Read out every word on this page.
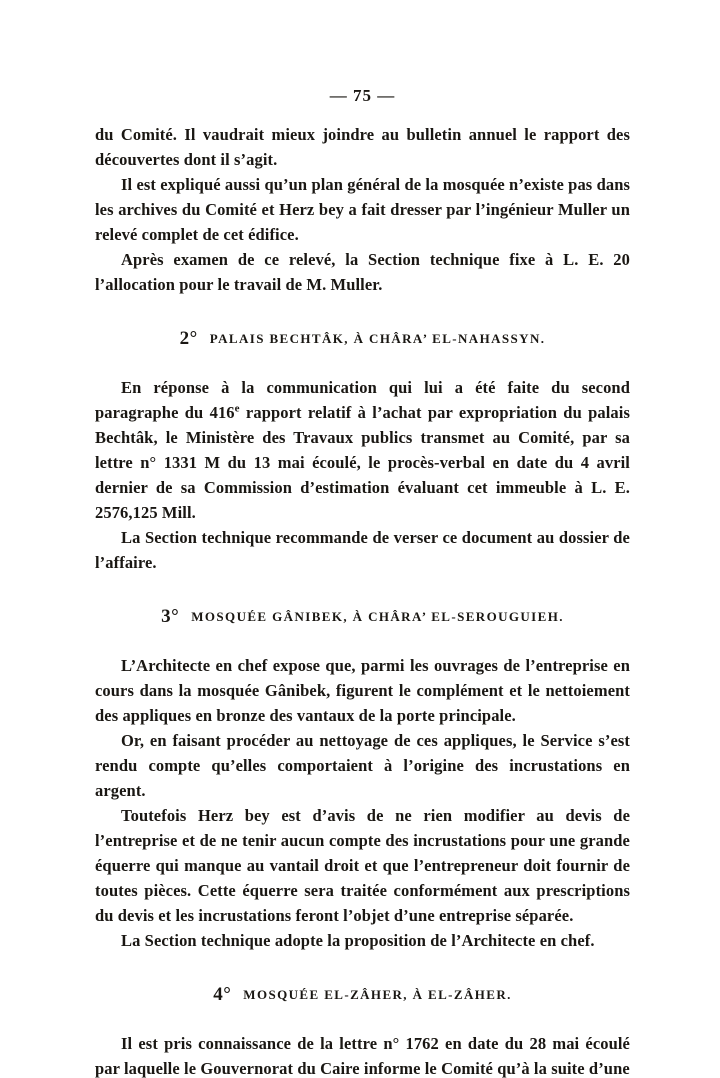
— 75 —

du Comité. Il vaudrait mieux joindre au bulletin annuel le rapport des découvertes dont il s’agit.

Il est expliqué aussi qu’un plan général de la mosquée n’existe pas dans les archives du Comité et Herz bey a fait dresser par l’ingénieur Muller un relevé complet de cet édifice.

Après examen de ce relevé, la Section technique fixe à L. E. 20 l’allocation pour le travail de M. Muller.

2° PALAIS BECHTÂK, À CHÂRA’ EL-NAHASSYN.

En réponse à la communication qui lui a été faite du second paragraphe du 416e rapport relatif à l’achat par expropriation du palais Bechtâk, le Ministère des Travaux publics transmet au Comité, par sa lettre n° 1331 M du 13 mai écoulé, le procès-verbal en date du 4 avril dernier de sa Commission d’estimation évaluant cet immeuble à L. E. 2576,125 Mill.

La Section technique recommande de verser ce document au dossier de l’affaire.

3° MOSQUÉE GÂNIBEK, À CHÂRA’ EL-SEROUGUIEH.

L’Architecte en chef expose que, parmi les ouvrages de l’entreprise en cours dans la mosquée Gânibek, figurent le complément et le nettoiement des appliques en bronze des vantaux de la porte principale.

Or, en faisant procéder au nettoyage de ces appliques, le Service s’est rendu compte qu’elles comportaient à l’origine des incrustations en argent.

Toutefois Herz bey est d’avis de ne rien modifier au devis de l’entreprise et de ne tenir aucun compte des incrustations pour une grande équerre qui manque au vantail droit et que l’entrepreneur doit fournir de toutes pièces. Cette équerre sera traitée conformément aux prescriptions du devis et les incrustations feront l’objet d’une entreprise séparée.

La Section technique adopte la proposition de l’Architecte en chef.

4° MOSQUÉE EL-ZÂHER, À EL-ZÂHER.

Il est pris connaissance de la lettre n° 1762 en date du 28 mai écoulé par laquelle le Gouvernorat du Caire informe le Comité qu’à la suite d’une
